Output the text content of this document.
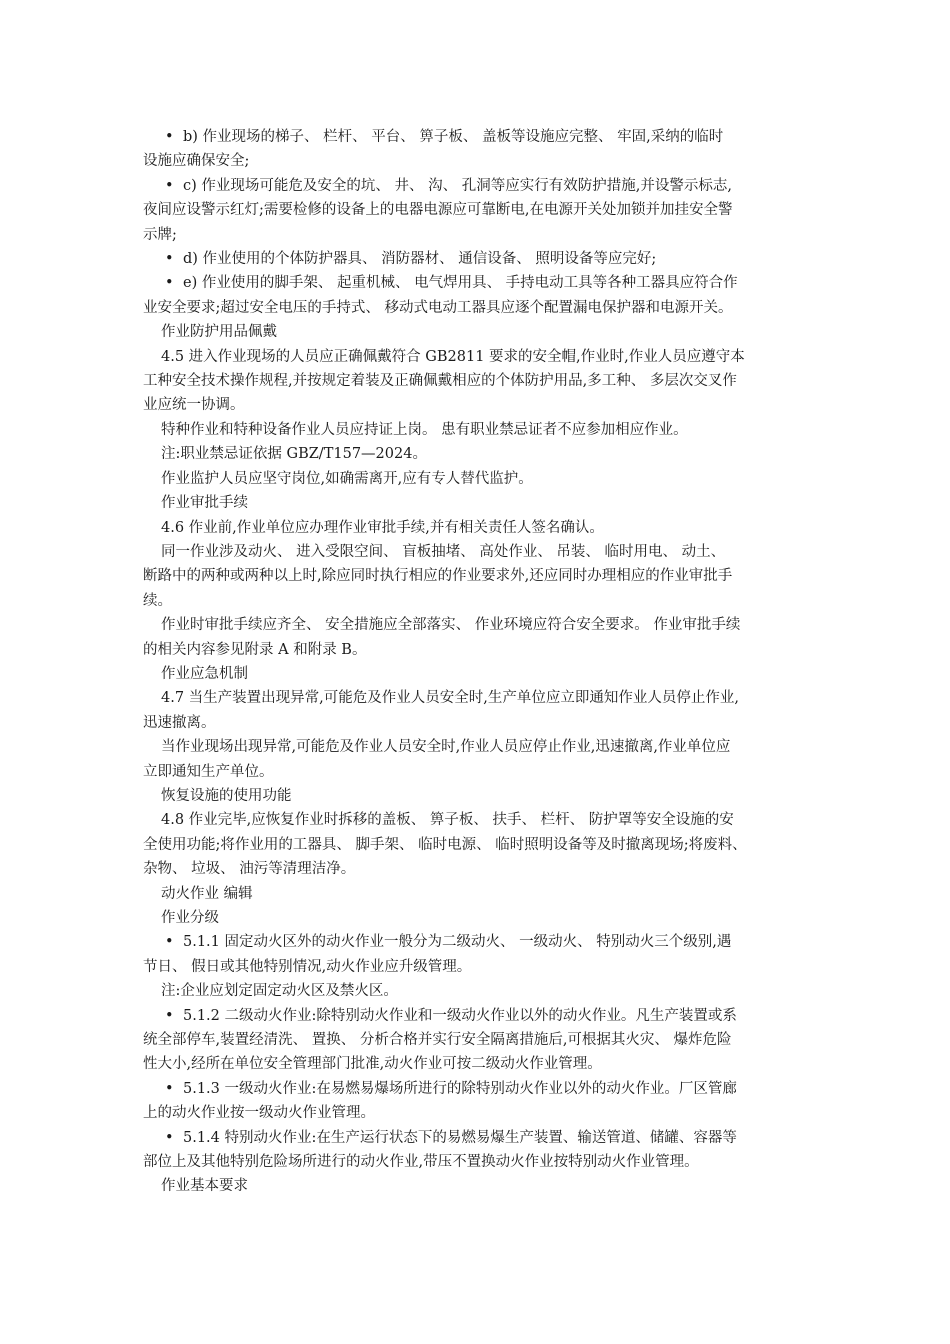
• b) 作业现场的梯子、 栏杆、 平台、 箅子板、 盖板等设施应完整、 牢固,采纳的临时

设施应确保安全;

• c) 作业现场可能危及安全的坑、 井、 沟、 孔洞等应实行有效防护措施,并设警示标志,

夜间应设警示红灯;需要检修的设备上的电器电源应可靠断电,在电源开关处加锁并加挂安全警

示牌;

• d) 作业使用的个体防护器具、 消防器材、 通信设备、 照明设备等应完好;

• e) 作业使用的脚手架、 起重机械、 电气焊用具、 手持电动工具等各种工器具应符合作

业安全要求;超过安全电压的手持式、 移动式电动工器具应逐个配置漏电保护器和电源开关。

作业防护用品佩戴

4.5 进入作业现场的人员应正确佩戴符合 GB2811 要求的安全帽,作业时,作业人员应遵守本

工种安全技术操作规程,并按规定着装及正确佩戴相应的个体防护用品,多工种、 多层次交叉作

业应统一协调。

特种作业和特种设备作业人员应持证上岗。 患有职业禁忌证者不应参加相应作业。

注:职业禁忌证依据 GBZ/T157—2024。

作业监护人员应坚守岗位,如确需离开,应有专人替代监护。

作业审批手续

4.6 作业前,作业单位应办理作业审批手续,并有相关责任人签名确认。

同一作业涉及动火、 进入受限空间、 盲板抽堵、 高处作业、 吊装、 临时用电、 动土、

断路中的两种或两种以上时,除应同时执行相应的作业要求外,还应同时办理相应的作业审批手

续。

作业时审批手续应齐全、 安全措施应全部落实、 作业环境应符合安全要求。 作业审批手续

的相关内容参见附录 A 和附录 B。

作业应急机制

4.7 当生产装置出现异常,可能危及作业人员安全时,生产单位应立即通知作业人员停止作业,

迅速撤离。

当作业现场出现异常,可能危及作业人员安全时,作业人员应停止作业,迅速撤离,作业单位应

立即通知生产单位。

恢复设施的使用功能

4.8 作业完毕,应恢复作业时拆移的盖板、 箅子板、 扶手、 栏杆、 防护罩等安全设施的安

全使用功能;将作业用的工器具、 脚手架、 临时电源、 临时照明设备等及时撤离现场;将废料、

杂物、 垃圾、 油污等清理洁净。

动火作业 编辑

作业分级

• 5.1.1 固定动火区外的动火作业一般分为二级动火、 一级动火、 特别动火三个级别,遇

节日、 假日或其他特别情况,动火作业应升级管理。

注:企业应划定固定动火区及禁火区。

• 5.1.2 二级动火作业:除特别动火作业和一级动火作业以外的动火作业。凡生产装置或系

统全部停车,装置经清洗、 置换、 分析合格并实行安全隔离措施后,可根据其火灾、 爆炸危险

性大小,经所在单位安全管理部门批准,动火作业可按二级动火作业管理。

• 5.1.3 一级动火作业:在易燃易爆场所进行的除特别动火作业以外的动火作业。厂区管廊

上的动火作业按一级动火作业管理。

• 5.1.4 特别动火作业:在生产运行状态下的易燃易爆生产装置、输送管道、储罐、容器等

部位上及其他特别危险场所进行的动火作业,带压不置换动火作业按特别动火作业管理。

作业基本要求
